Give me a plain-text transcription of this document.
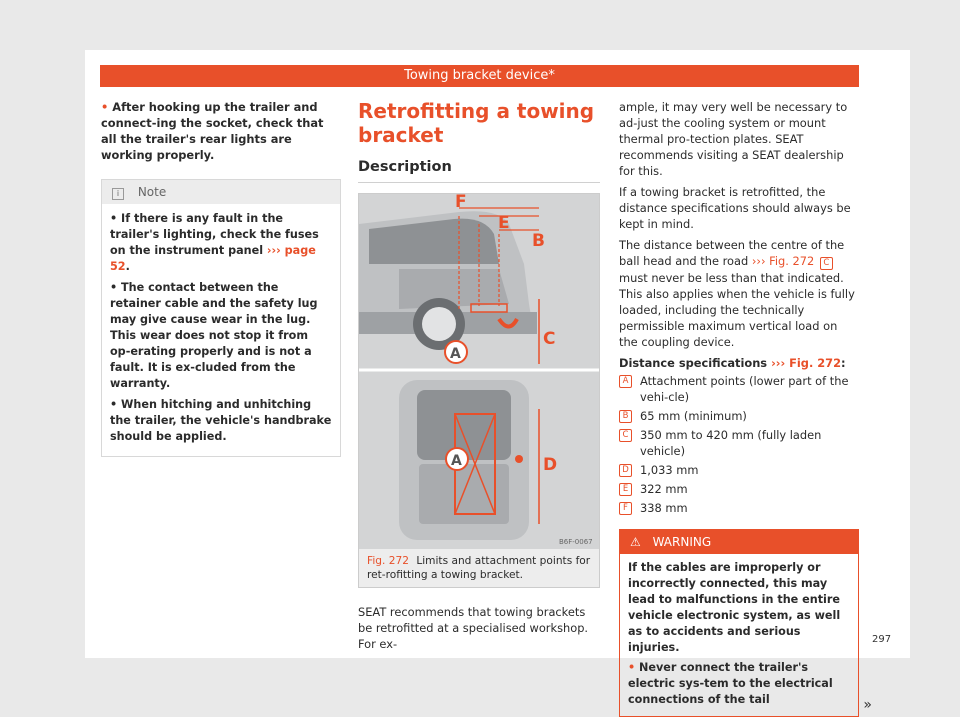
Towing bracket device*
• After hooking up the trailer and connect-ing the socket, check that all the trailer's rear lights are working properly.
i Note

• If there is any fault in the trailer's lighting, check the fuses on the instrument panel ››› page 52.

• The contact between the retainer cable and the safety lug may give cause wear in the lug. This wear does not stop it from op-erating properly and is not a fault. It is ex-cluded from the warranty.

• When hitching and unhitching the trailer, the vehicle's handbrake should be applied.

Retrofitting a towing bracket
Description
F
E
B
C
A
A	D
B6F-0067
Fig. 272 Limits and attachment points for ret-rofitting a towing bracket.
SEAT recommends that towing brackets be retrofitted at a specialised workshop. For ex-

ample, it may very well be necessary to ad-just the cooling system or mount thermal pro-tection plates. SEAT recommends visiting a SEAT dealership for this.

If a towing bracket is retrofitted, the distance specifications should always be kept in mind.

The distance between the centre of the ball head and the road ››› Fig. 272 C must never be less than that indicated. This also applies when the vehicle is fully loaded, including the technically permissible maximum vertical load on the coupling device.

Distance specifications ››› Fig. 272:
A	Attachment points (lower part of the vehi-cle)
B	65 mm (minimum)
C	350 mm to 420 mm (fully laden vehicle)
D 1,033 mm
E	322 mm
F	338 mm
⚠ WARNING

If the cables are improperly or incorrectly connected, this may lead to malfunctions in the entire vehicle electronic system, as well as to accidents and serious injuries.

• Never connect the trailer's electric sys-tem to the electrical connections of the tail	»
297
